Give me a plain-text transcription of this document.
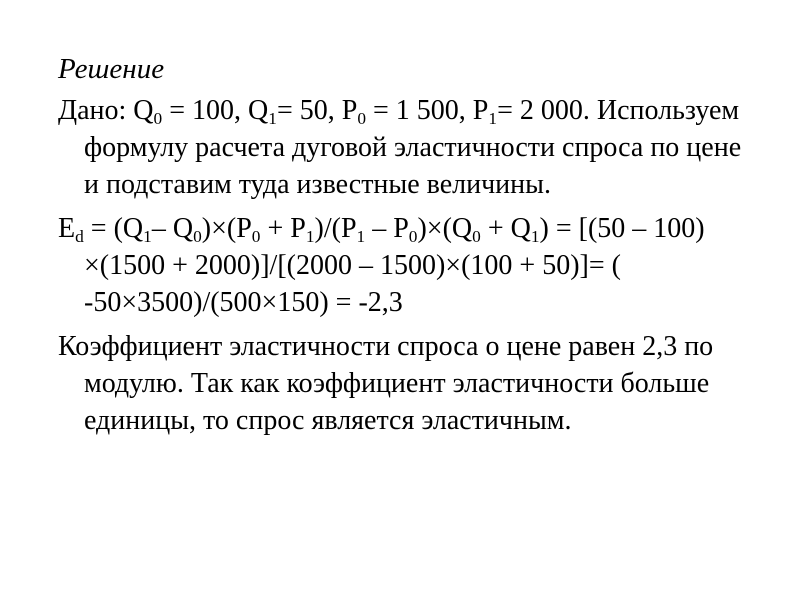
Решение

Дано: $Q_0 = 100$, $Q_1= 50$, $P_0 = 1$ 500, $P_1= 2$ 000. Используем формулу расчета дуговой эластичности спроса по цене и подставим туда известные величины.

$E_d = (Q_1-$ $Q_0)\times(P_0 + P_1)/(P_1 - P_0)\times(Q_0 + Q_1) = [(50 - 100) \times(1500 + 2000)]/[(2000 - 1500)\times(100 + 50)]=$ ( -50×3500)/(500×150) = -2,3

Коэффициент эластичности спроса о цене равен 2,3 по модулю. Так как коэффициент эластичности больше единицы, то спрос является эластичным.
